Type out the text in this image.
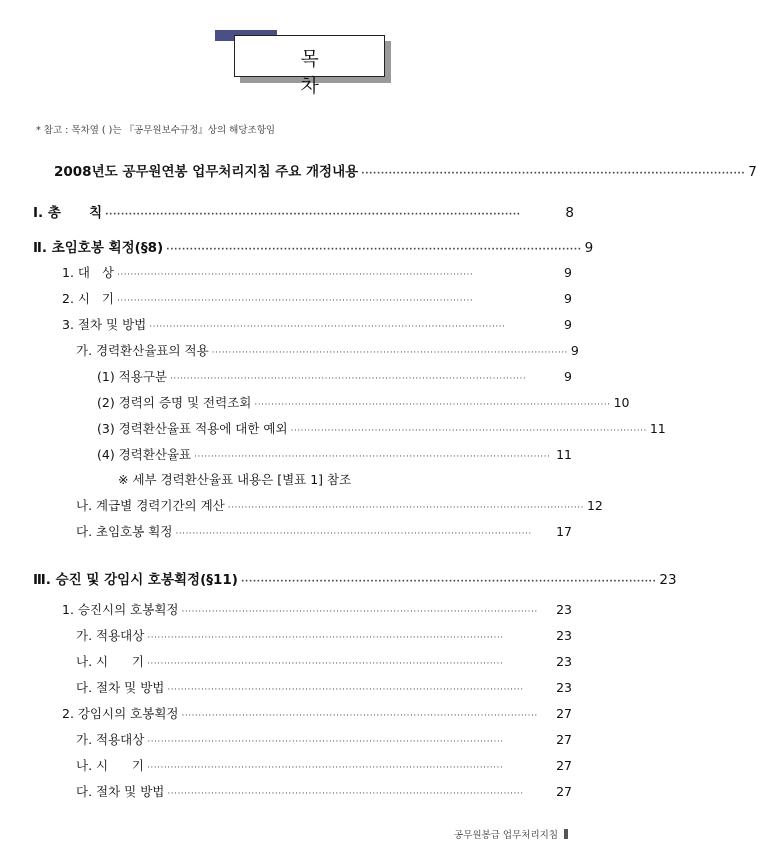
목 차
* 참고 : 목차옆 ( )는 『공무원보수규정』상의 해당조항임
2008년도 공무원연봉 업무처리지침 주요 개정내용 ·································································································· 7
Ⅰ. 총      칙 ··········································································································	8
Ⅱ. 초임호봉 획정(§8) ·········································································································· 9
1. 대   상 ··········································································································	9
2. 시   기 ··········································································································	9
3. 절차 및 방법 ··········································································································	9
가. 경력환산율표의 적용 ·········································································································· 9
(1) 적용구분 ··········································································································	9
(2) 경력의 증명 및 전력조회 ·········································································································· 10
(3) 경력환산율표 적용에 대한 예외 ·········································································································· 11
(4) 경력환산율표 ·········································································································· 11
※ 세부 경력환산율표 내용은 [별표 1] 참조
나. 계급별 경력기간의 계산 ·········································································································· 12
다. 초임호봉 획정 ··········································································································	17
Ⅲ. 승진 및 강임시 호봉획정(§11) ·········································································································· 23
1. 승진시의 호봉획정 ··········································································································	23
가. 적용대상 ··········································································································	23
나. 시      기 ··········································································································	23
다. 절차 및 방법 ··········································································································	23
2. 강임시의 호봉획정 ··········································································································	27
가. 적용대상 ··········································································································	27
나. 시      기 ··········································································································	27
다. 절차 및 방법 ··········································································································	27
공무원봉급 업무처리지침
